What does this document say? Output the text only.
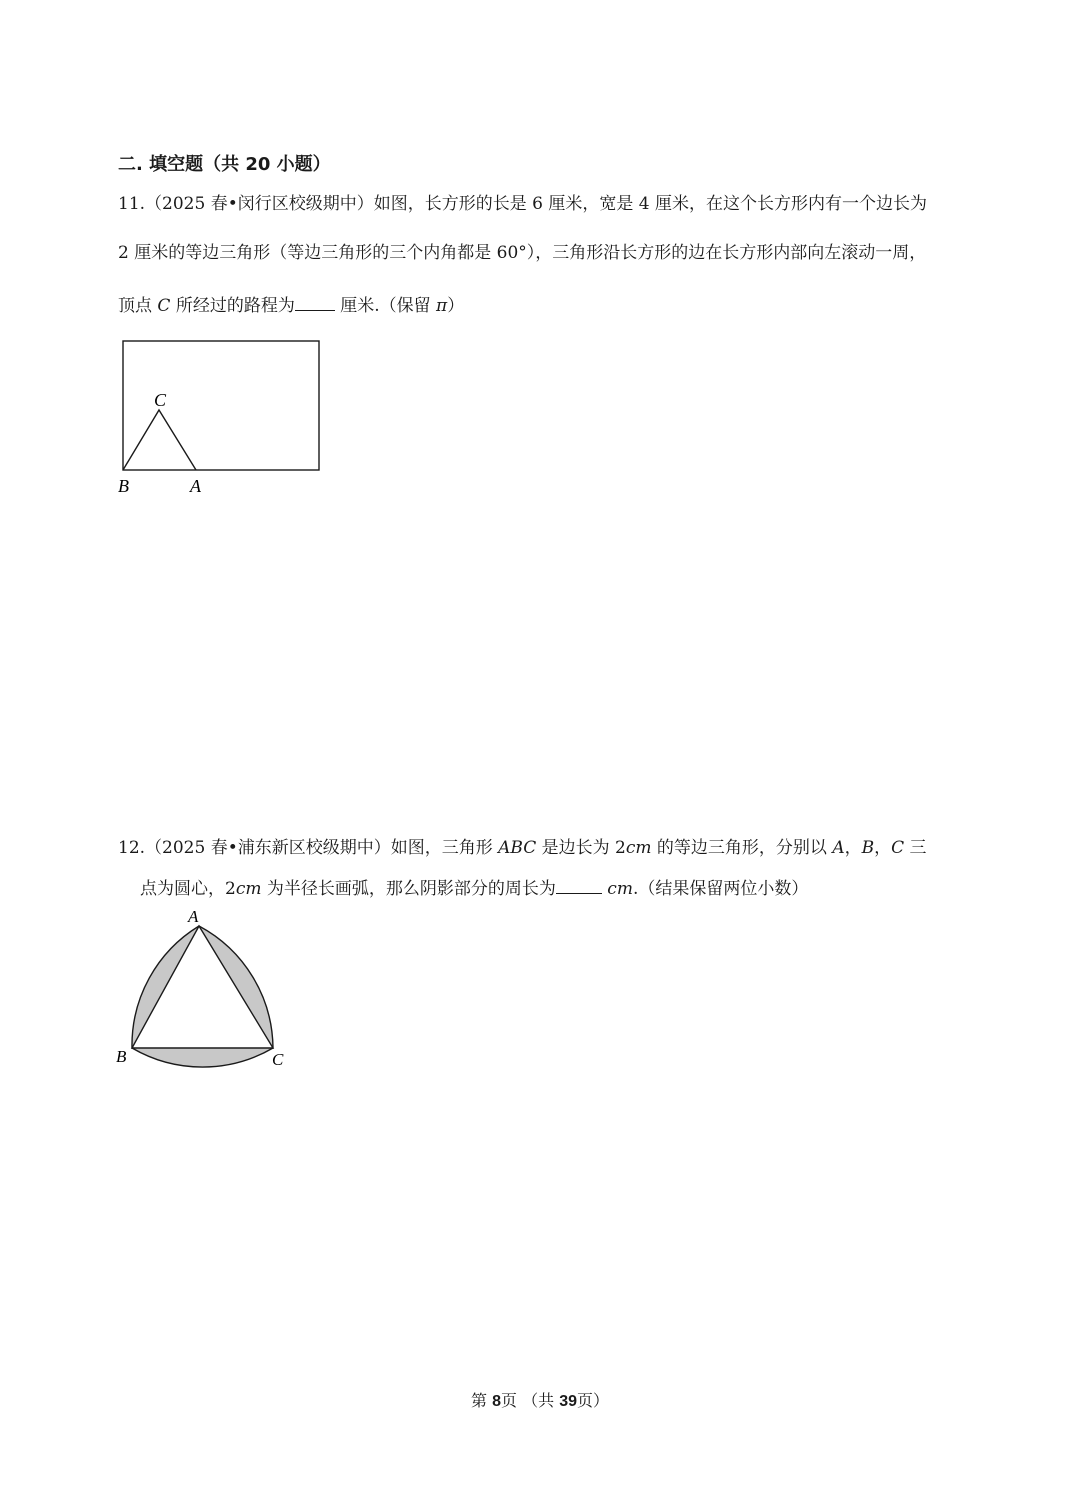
二. 填空题（共 20 小题）
11.（2025 春•闵行区校级期中）如图，长方形的长是 6 厘米，宽是 4 厘米，在这个长方形内有一个边长为
2 厘米的等边三角形（等边三角形的三个内角都是 60°），三角形沿长方形的边在长方形内部向左滚动一周，
顶点 C 所经过的路程为 厘米.（保留 π）
C
B	A
12.（2025 春•浦东新区校级期中）如图，三角形 ABC 是边长为 2cm 的等边三角形，分别以 A，B，C 三
点为圆心，2cm 为半径长画弧，那么阴影部分的周长为	cm.（结果保留两位小数）
A
B	C
第 8页 （共 39页）
